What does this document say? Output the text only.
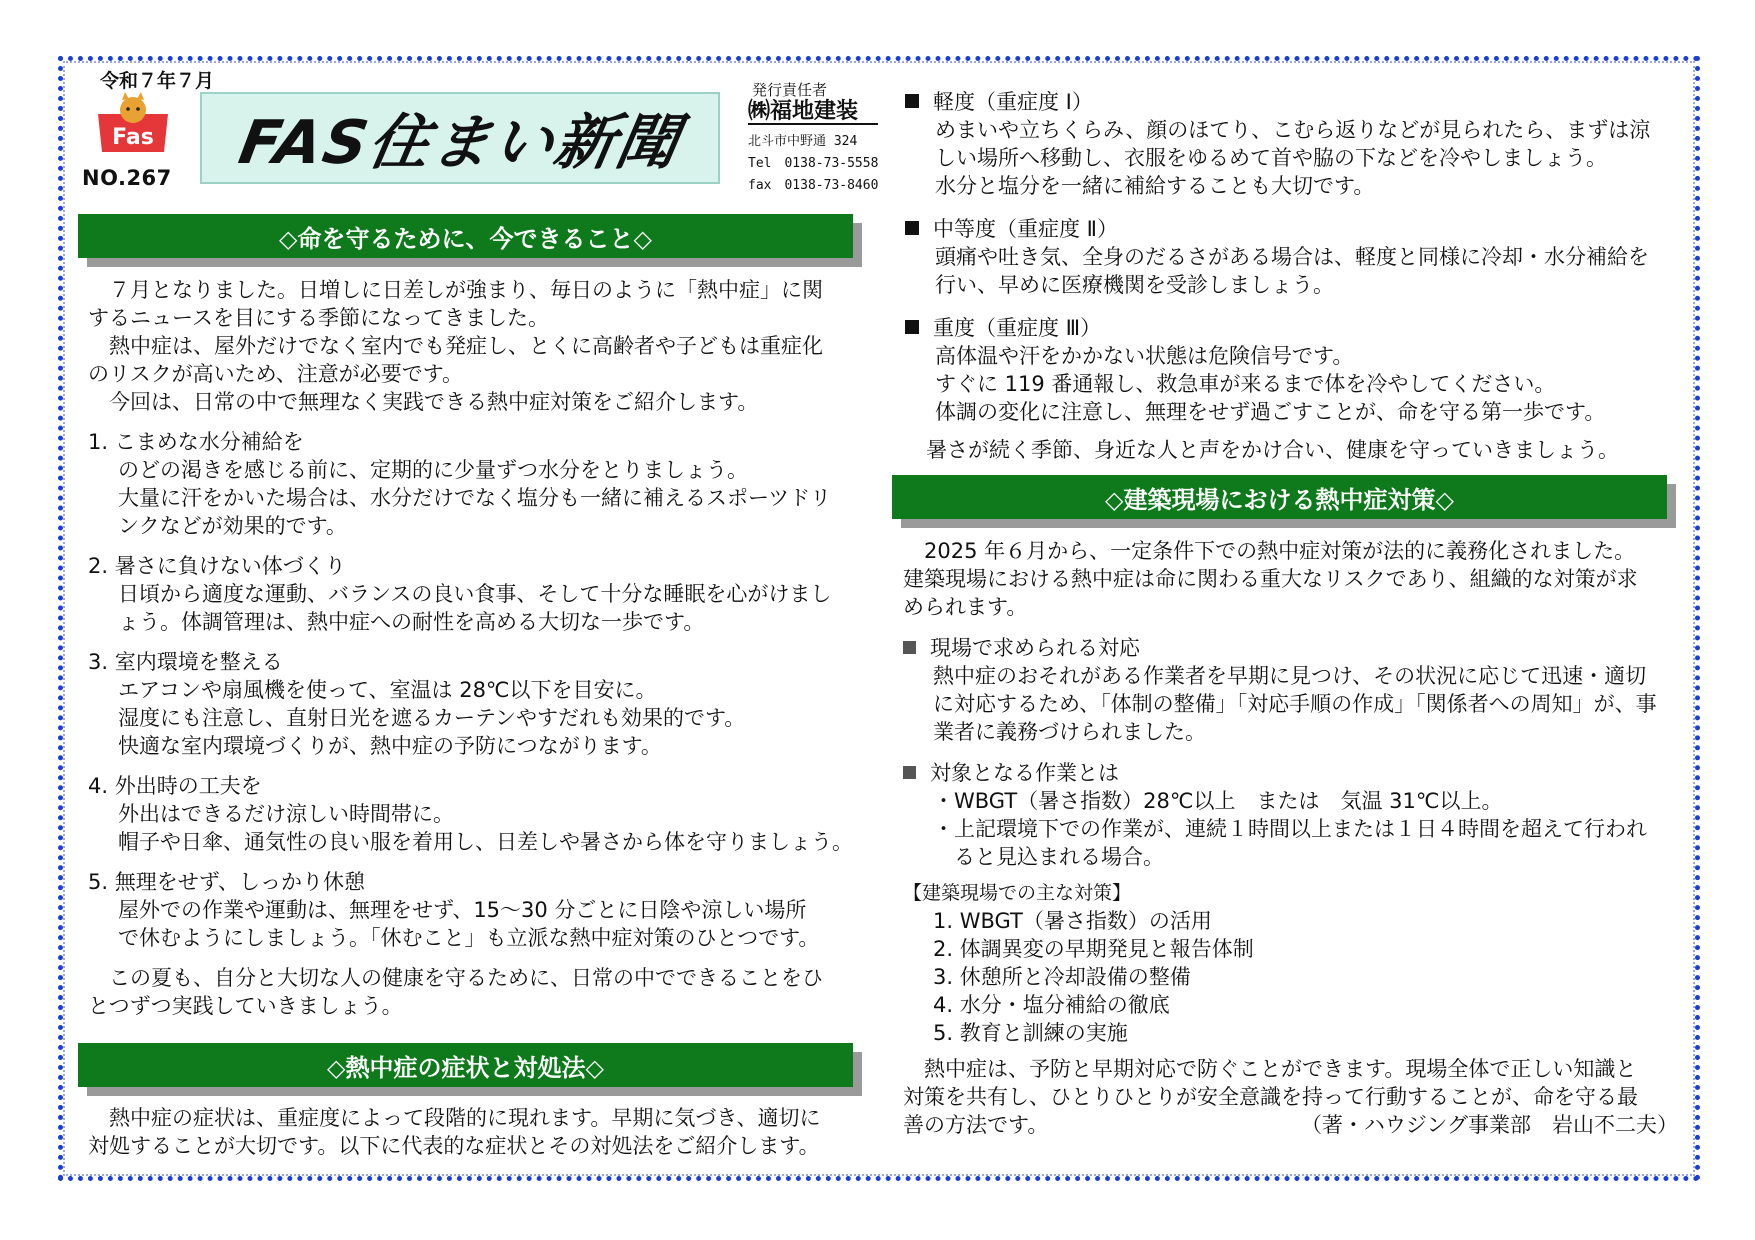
令和７年７月
Fas
NO.267 FAS住まい新聞
発行責任者
㈱福地建装
北斗市中野通 324
Tel　0138-73-5558
fax　0138-73-8460
◇命を守るために、今できること◇

　７月となりました。日増しに日差しが強まり、毎日のように「熱中症」に関

するニュースを目にする季節になってきました。

　熱中症は、屋外だけでなく室内でも発症し、とくに高齢者や子どもは重症化

のリスクが高いため、注意が必要です。

　今回は、日常の中で無理なく実践できる熱中症対策をご紹介します。

1. こまめな水分補給を

のどの渇きを感じる前に、定期的に少量ずつ水分をとりましょう。

大量に汗をかいた場合は、水分だけでなく塩分も一緒に補えるスポーツドリ

ンクなどが効果的です。

2. 暑さに負けない体づくり

日頃から適度な運動、バランスの良い食事、そして十分な睡眠を心がけまし

ょう。体調管理は、熱中症への耐性を高める大切な一歩です。

3. 室内環境を整える

エアコンや扇風機を使って、室温は 28℃以下を目安に。

湿度にも注意し、直射日光を遮るカーテンやすだれも効果的です。

快適な室内環境づくりが、熱中症の予防につながります。

4. 外出時の工夫を

外出はできるだけ涼しい時間帯に。

帽子や日傘、通気性の良い服を着用し、日差しや暑さから体を守りましょう。

5. 無理をせず、しっかり休憩

屋外での作業や運動は、無理をせず、15～30 分ごとに日陰や涼しい場所

で休むようにしましょう。「休むこと」も立派な熱中症対策のひとつです。

　この夏も、自分と大切な人の健康を守るために、日常の中でできることをひ

とつずつ実践していきましょう。

◇熱中症の症状と対処法◇

　熱中症の症状は、重症度によって段階的に現れます。早期に気づき、適切に

対処することが大切です。以下に代表的な症状とその対処法をご紹介します。

軽度（重症度 Ⅰ）

めまいや立ちくらみ、顔のほてり、こむら返りなどが見られたら、まずは涼

しい場所へ移動し、衣服をゆるめて首や脇の下などを冷やしましょう。

水分と塩分を一緒に補給することも大切です。

中等度（重症度 Ⅱ）

頭痛や吐き気、全身のだるさがある場合は、軽度と同様に冷却・水分補給を

行い、早めに医療機関を受診しましょう。

重度（重症度 Ⅲ）

高体温や汗をかかない状態は危険信号です。

すぐに 119 番通報し、救急車が来るまで体を冷やしてください。

体調の変化に注意し、無理をせず過ごすことが、命を守る第一歩です。

　暑さが続く季節、身近な人と声をかけ合い、健康を守っていきましょう。

◇建築現場における熱中症対策◇

　2025 年６月から、一定条件下での熱中症対策が法的に義務化されました。

建築現場における熱中症は命に関わる重大なリスクであり、組織的な対策が求

められます。

現場で求められる対応

熱中症のおそれがある作業者を早期に見つけ、その状況に応じて迅速・適切

に対応するため、「体制の整備」「対応手順の作成」「関係者への周知」が、事

業者に義務づけられました。

対象となる作業とは

・WBGT（暑さ指数）28℃以上　または　気温 31℃以上。

・上記環境下での作業が、連続１時間以上または１日４時間を超えて行われ

　ると見込まれる場合。

【建築現場での主な対策】

1. WBGT（暑さ指数）の活用

2. 体調異変の早期発見と報告体制

3. 休憩所と冷却設備の整備

4. 水分・塩分補給の徹底

5. 教育と訓練の実施

　熱中症は、予防と早期対応で防ぐことができます。現場全体で正しい知識と

対策を共有し、ひとりひとりが安全意識を持って行動することが、命を守る最

善の方法です。	（著・ハウジング事業部　岩山不二夫）
